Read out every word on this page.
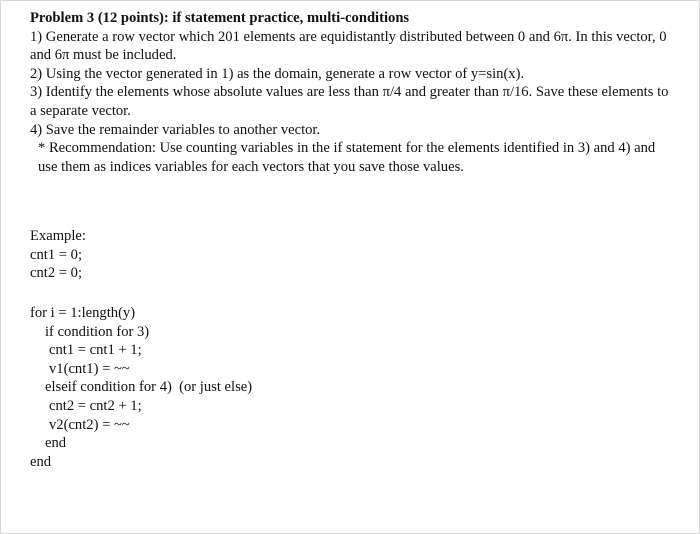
Problem 3 (12 points): if statement practice, multi-conditions

1) Generate a row vector which 201 elements are equidistantly distributed between 0 and 6π. In this vector, 0 and 6π must be included.

2) Using the vector generated in 1) as the domain, generate a row vector of y=sin(x).

3) Identify the elements whose absolute values are less than π/4 and greater than π/16. Save these elements to a separate vector.

4) Save the remainder variables to another vector.

* Recommendation: Use counting variables in the if statement for the elements identified in 3) and 4) and use them as indices variables for each vectors that you save those values.

Example:

cnt1 = 0;

cnt2 = 0;

for i = 1:length(y)

if condition for 3)

cnt1 = cnt1 + 1;

v1(cnt1) = ~~

elseif condition for 4)  (or just else)

cnt2 = cnt2 + 1;

v2(cnt2) = ~~

end

end
